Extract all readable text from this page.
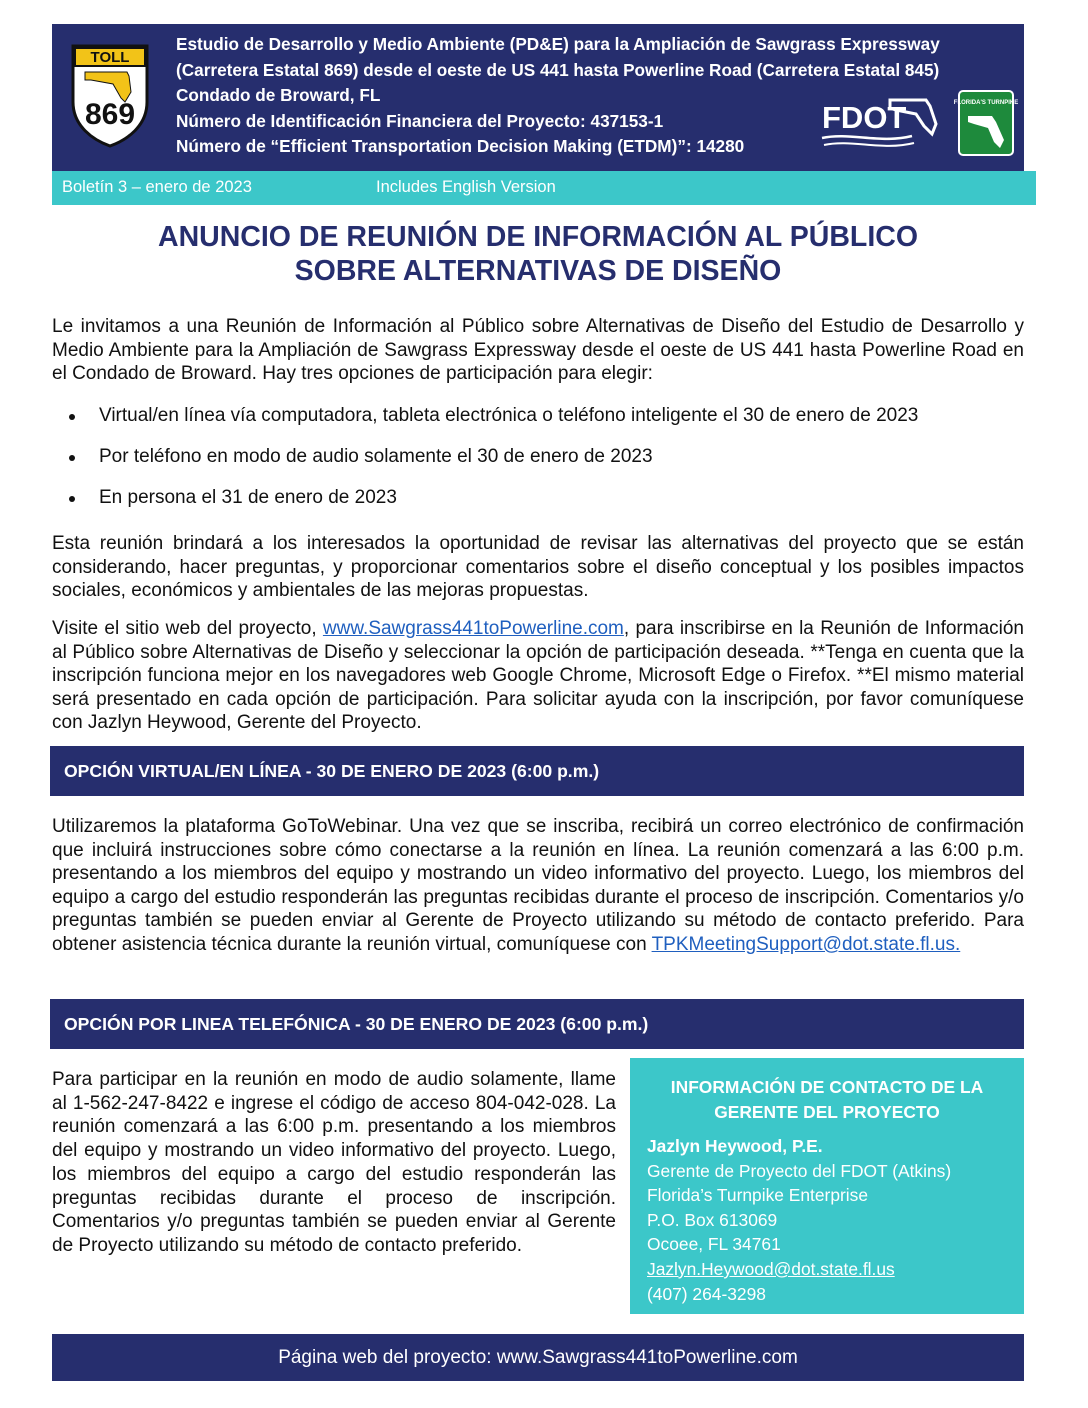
TOLL
869
Estudio de Desarrollo y Medio Ambiente (PD&E) para la Ampliación de Sawgrass Expressway
(Carretera Estatal 869) desde el oeste de US 441 hasta Powerline Road (Carretera Estatal 845)
Condado de Broward, FL
Número de Identificación Financiera del Proyecto: 437153-1
Número de “Efficient Transportation Decision Making (ETDM)”: 14280
FDOT	FLORIDA'S TURNPIKE
Boletín 3 – enero de 2023	Includes English Version
ANUNCIO DE REUNIÓN DE INFORMACIÓN AL PÚBLICO
SOBRE ALTERNATIVAS DE DISEÑO
Le invitamos a una Reunión de Información al Público sobre Alternativas de Diseño del Estudio de Desarrollo y Medio Ambiente para la Ampliación de Sawgrass Expressway desde el oeste de US 441 hasta Powerline Road en el Condado de Broward. Hay tres opciones de participación para elegir:
Virtual/en línea vía computadora, tableta electrónica o teléfono inteligente el 30 de enero de 2023
Por teléfono en modo de audio solamente el 30 de enero de 2023
En persona el 31 de enero de 2023
Esta reunión brindará a los interesados la oportunidad de revisar las alternativas del proyecto que se están considerando, hacer preguntas, y proporcionar comentarios sobre el diseño conceptual y los posibles impactos sociales, económicos y ambientales de las mejoras propuestas.
Visite el sitio web del proyecto, www.Sawgrass441toPowerline.com, para inscribirse en la Reunión de Información al Público sobre Alternativas de Diseño y seleccionar la opción de participación deseada. **Tenga en cuenta que la inscripción funciona mejor en los navegadores web Google Chrome, Microsoft Edge o Firefox. **El mismo material será presentado en cada opción de participación. Para solicitar ayuda con la inscripción, por favor comuníquese con Jazlyn Heywood, Gerente del Proyecto.
OPCIÓN VIRTUAL/EN LÍNEA - 30 DE ENERO DE 2023 (6:00 p.m.)
Utilizaremos la plataforma GoToWebinar. Una vez que se inscriba, recibirá un correo electrónico de confirmación que incluirá instrucciones sobre cómo conectarse a la reunión en línea. La reunión comenzará a las 6:00 p.m. presentando a los miembros del equipo y mostrando un video informativo del proyecto. Luego, los miembros del equipo a cargo del estudio responderán las preguntas recibidas durante el proceso de inscripción. Comentarios y/o preguntas también se pueden enviar al Gerente de Proyecto utilizando su método de contacto preferido. Para obtener asistencia técnica durante la reunión virtual, comuníquese con TPKMeetingSupport@dot.state.fl.us.
OPCIÓN POR LINEA TELEFÓNICA - 30 DE ENERO DE 2023 (6:00 p.m.)
Para participar en la reunión en modo de audio solamente, llame al 1-562-247-8422 e ingrese el código de acceso 804-042-028. La reunión comenzará a las 6:00 p.m. presentando a los miembros del equipo y mostrando un video informativo del proyecto. Luego, los miembros del equipo a cargo del estudio responderán las preguntas recibidas durante el proceso de inscripción. Comentarios y/o preguntas también se pueden enviar al Gerente de Proyecto utilizando su método de contacto preferido.
INFORMACIÓN DE CONTACTO DE LA
GERENTE DEL PROYECTO
Jazlyn Heywood, P.E.
Gerente de Proyecto del FDOT (Atkins)
Florida’s Turnpike Enterprise
P.O. Box 613069
Ocoee, FL 34761
Jazlyn.Heywood@dot.state.fl.us
(407) 264-3298
Página web del proyecto: www.Sawgrass441toPowerline.com
